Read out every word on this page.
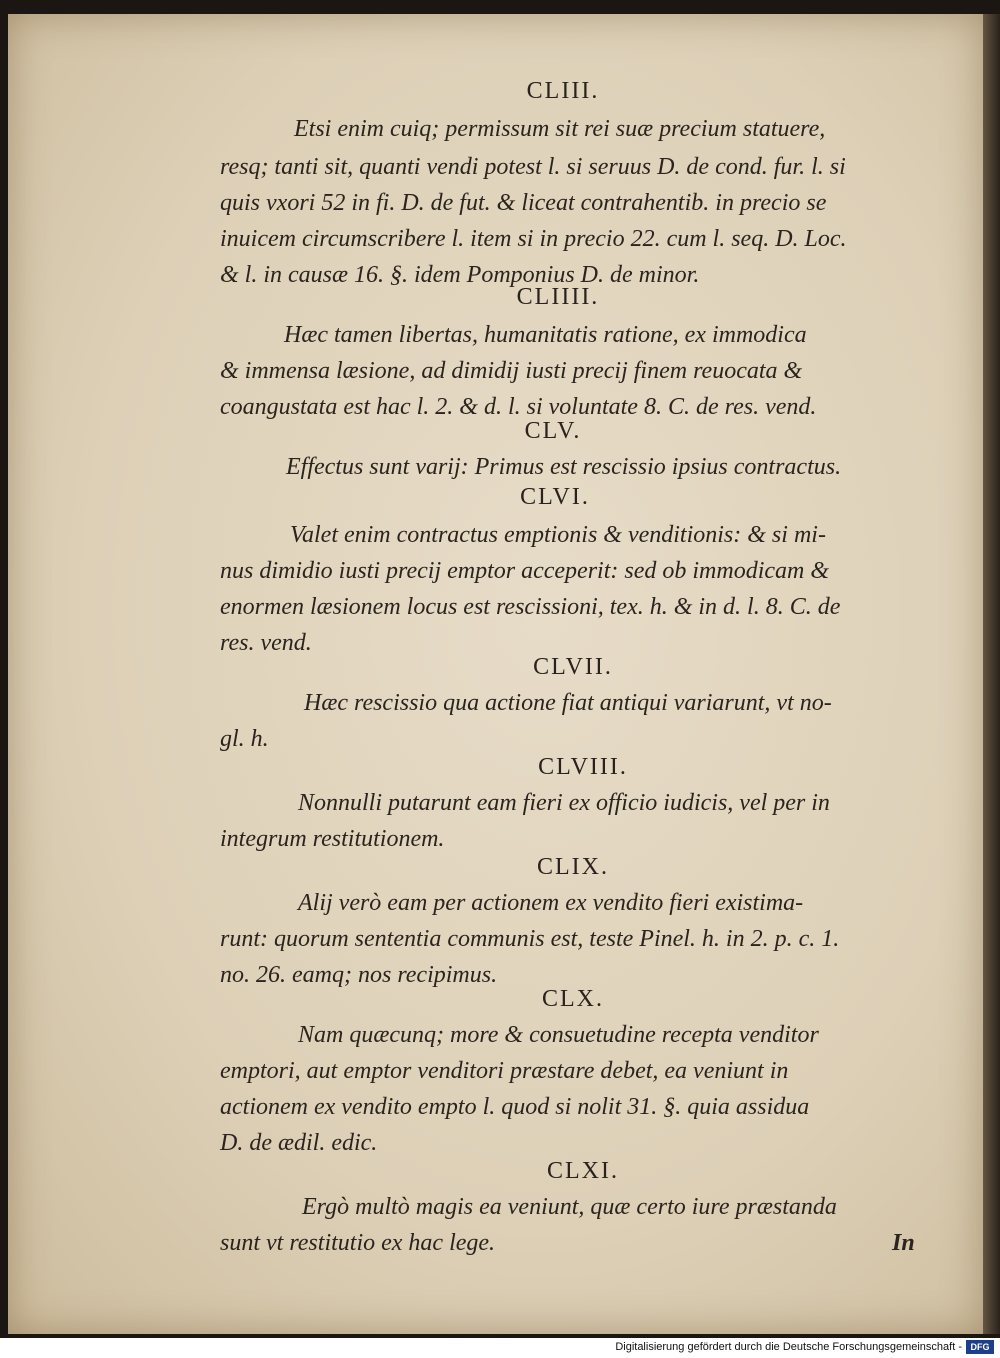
CLIII.
Etsi enim cuiq; permissum sit rei suæ precium statuere,
resq; tanti sit, quanti vendi potest l. si seruus D. de cond. fur. l. si
quis vxori 52 in fi. D. de fut. & liceat contrahentib. in precio se
inuicem circumscribere l. item si in precio 22. cum l. seq. D. Loc.
& l. in causæ 16. §. idem Pomponius D. de minor.
CLIIII.
Hæc tamen libertas, humanitatis ratione, ex immodica
& immensa læsione, ad dimidij iusti precij finem reuocata &
coangustata est hac l. 2. & d. l. si voluntate 8. C. de res. vend.
CLV.
Effectus sunt varij: Primus est rescissio ipsius contractus.
CLVI.
Valet enim contractus emptionis & venditionis: & si mi-
nus dimidio iusti precij emptor acceperit: sed ob immodicam &
enormen læsionem locus est rescissioni, tex. h. & in d. l. 8. C. de
res. vend.
CLVII.
Hæc rescissio qua actione fiat antiqui variarunt, vt no-
gl. h.
CLVIII.
Nonnulli putarunt eam fieri ex officio iudicis, vel per in
integrum restitutionem.
CLIX.
Alij verò eam per actionem ex vendito fieri existima-
runt: quorum sententia communis est, teste Pinel. h. in 2. p. c. 1.
no. 26. eamq; nos recipimus.
CLX.
Nam quæcunq; more & consuetudine recepta venditor
emptori, aut emptor venditori præstare debet, ea veniunt in
actionem ex vendito empto l. quod si nolit 31. §. quia assidua
D. de ædil. edic.
CLXI.
Ergò multò magis ea veniunt, quæ certo iure præstanda
sunt vt restitutio ex hac lege.	In
Digitalisierung gefördert durch die Deutsche Forschungsgemeinschaft - DFG
